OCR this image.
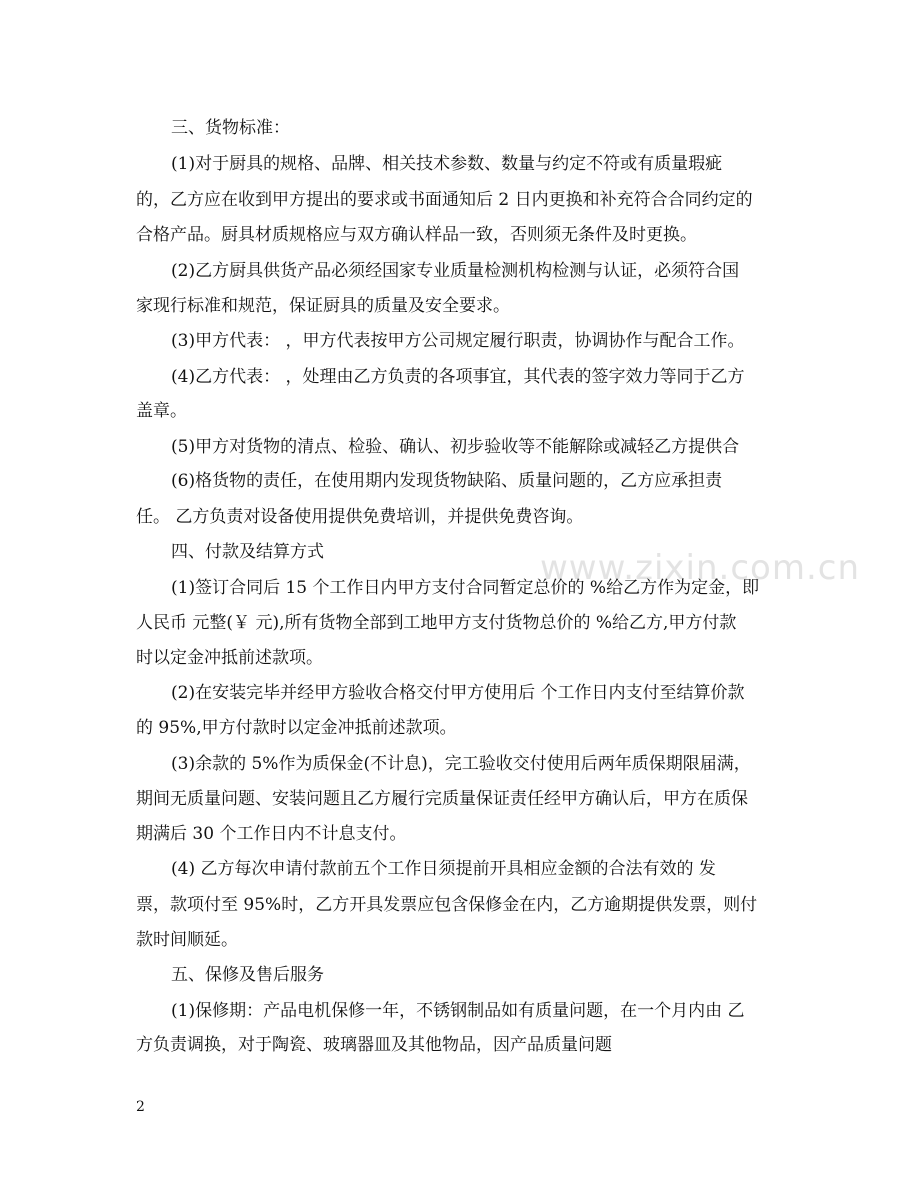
www.zixin.com.cn
三、货物标准：
(1)对于厨具的规格、品牌、相关技术参数、数量与约定不符或有质量瑕疵
的，乙方应在收到甲方提出的要求或书面通知后 2 日内更换和补充符合合同约定的
合格产品。厨具材质规格应与双方确认样品一致，否则须无条件及时更换。
(2)乙方厨具供货产品必须经国家专业质量检测机构检测与认证，必须符合国
家现行标准和规范，保证厨具的质量及安全要求。
(3)甲方代表： ，甲方代表按甲方公司规定履行职责，协调协作与配合工作。
(4)乙方代表： ，处理由乙方负责的各项事宜，其代表的签字效力等同于乙方
盖章。
(5)甲方对货物的清点、检验、确认、初步验收等不能解除或减轻乙方提供合
(6)格货物的责任，在使用期内发现货物缺陷、质量问题的，乙方应承担责
任。 乙方负责对设备使用提供免费培训，并提供免费咨询。
四、付款及结算方式
(1)签订合同后 15 个工作日内甲方支付合同暂定总价的 %给乙方作为定金，即
人民币 元整(￥ 元),所有货物全部到工地甲方支付货物总价的 %给乙方,甲方付款
时以定金冲抵前述款项。
(2)在安装完毕并经甲方验收合格交付甲方使用后 个工作日内支付至结算价款
的 95%,甲方付款时以定金冲抵前述款项。
(3)余款的 5%作为质保金(不计息)，完工验收交付使用后两年质保期限届满，
期间无质量问题、安装问题且乙方履行完质量保证责任经甲方确认后，甲方在质保
期满后 30 个工作日内不计息支付。
(4) 乙方每次申请付款前五个工作日须提前开具相应金额的合法有效的 发
票，款项付至 95%时，乙方开具发票应包含保修金在内，乙方逾期提供发票，则付
款时间顺延。
五、保修及售后服务
(1)保修期：产品电机保修一年，不锈钢制品如有质量问题，在一个月内由 乙
方负责调换，对于陶瓷、玻璃器皿及其他物品，因产品质量问题
2
